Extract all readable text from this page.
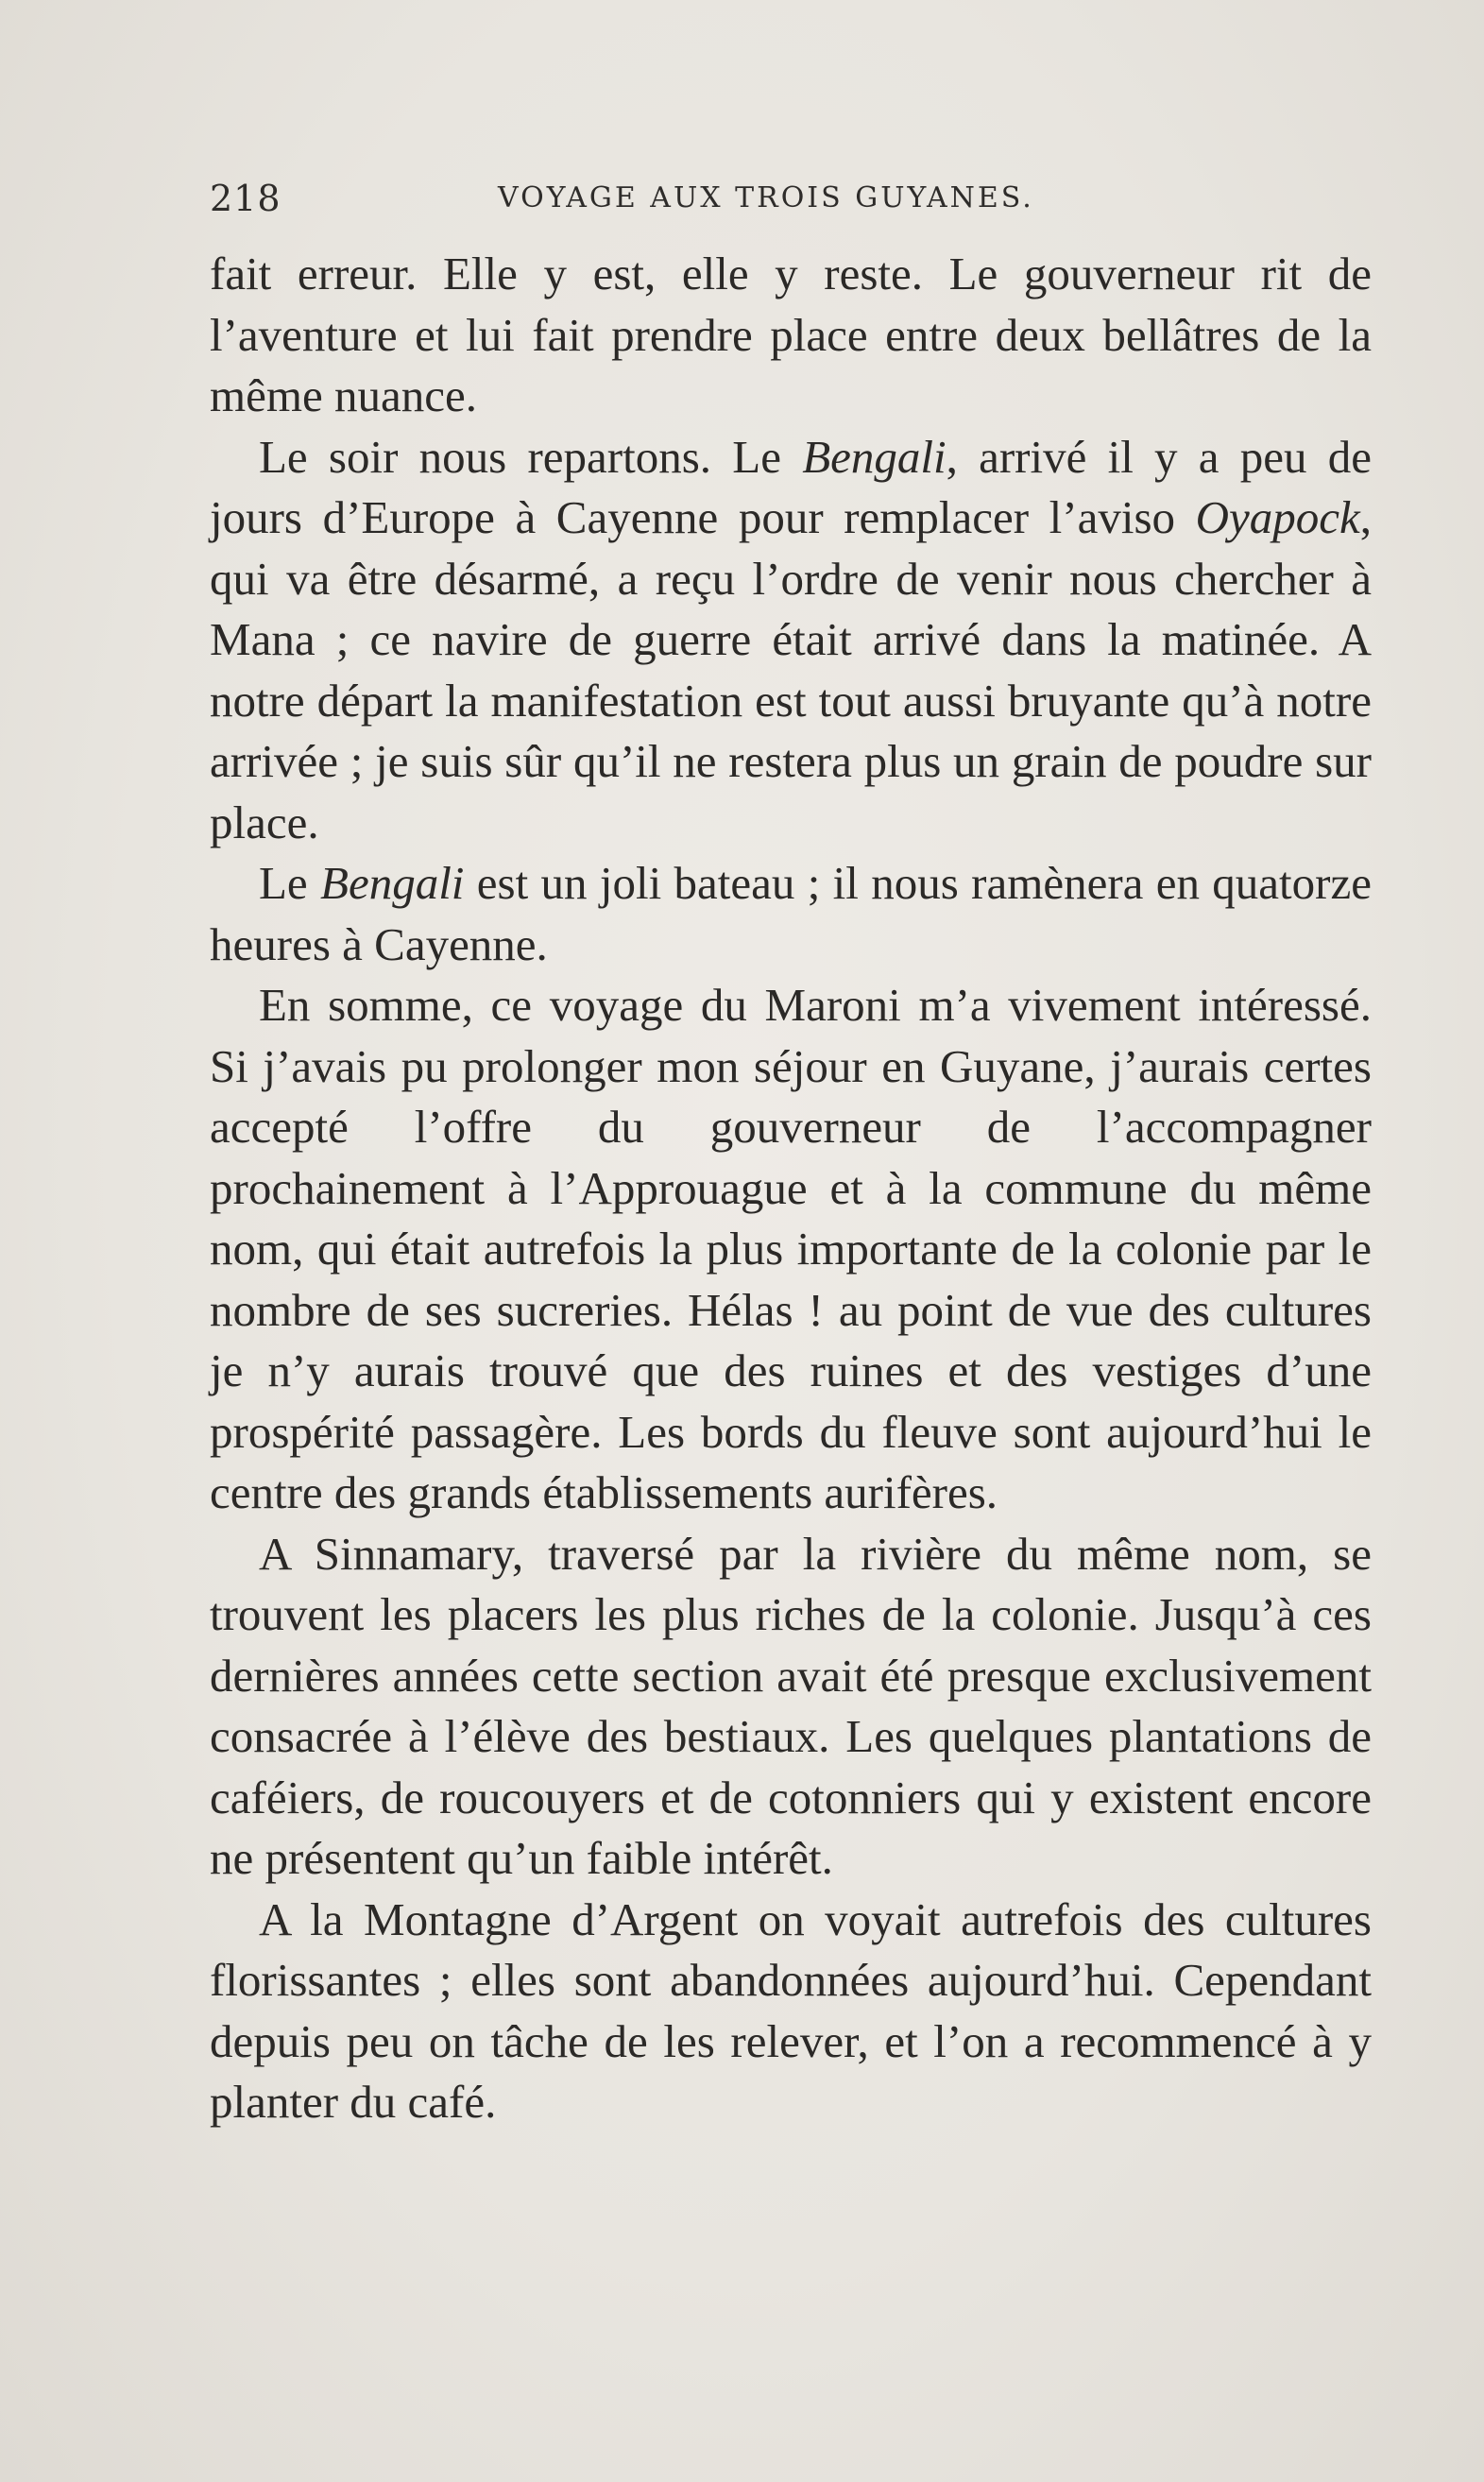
218	VOYAGE AUX TROIS GUYANES.

fait erreur. Elle y est, elle y reste. Le gouverneur rit de l’aventure et lui fait prendre place entre deux bellâtres de la même nuance.

Le soir nous repartons. Le Bengali, arrivé il y a peu de jours d’Europe à Cayenne pour remplacer l’aviso Oyapock, qui va être désarmé, a reçu l’ordre de venir nous chercher à Mana ; ce navire de guerre était arrivé dans la matinée. A notre départ la manifestation est tout aussi bruyante qu’à notre arrivée ; je suis sûr qu’il ne restera plus un grain de poudre sur place.

Le Bengali est un joli bateau ; il nous ramènera en quatorze heures à Cayenne.

En somme, ce voyage du Maroni m’a vivement intéressé. Si j’avais pu prolonger mon séjour en Guyane, j’aurais certes accepté l’offre du gouverneur de l’accompagner prochainement à l’Approuague et à la commune du même nom, qui était autrefois la plus importante de la colonie par le nombre de ses sucreries. Hélas ! au point de vue des cultures je n’y aurais trouvé que des ruines et des vestiges d’une prospérité passagère. Les bords du fleuve sont aujourd’hui le centre des grands établissements aurifères.

A Sinnamary, traversé par la rivière du même nom, se trouvent les placers les plus riches de la colonie. Jusqu’à ces dernières années cette section avait été presque exclusivement consacrée à l’élève des bestiaux. Les quelques plantations de caféiers, de roucouyers et de cotonniers qui y existent encore ne présentent qu’un faible intérêt.

A la Montagne d’Argent on voyait autrefois des cultures florissantes ; elles sont abandonnées aujourd’hui. Cependant depuis peu on tâche de les relever, et l’on a recommencé à y planter du café.
